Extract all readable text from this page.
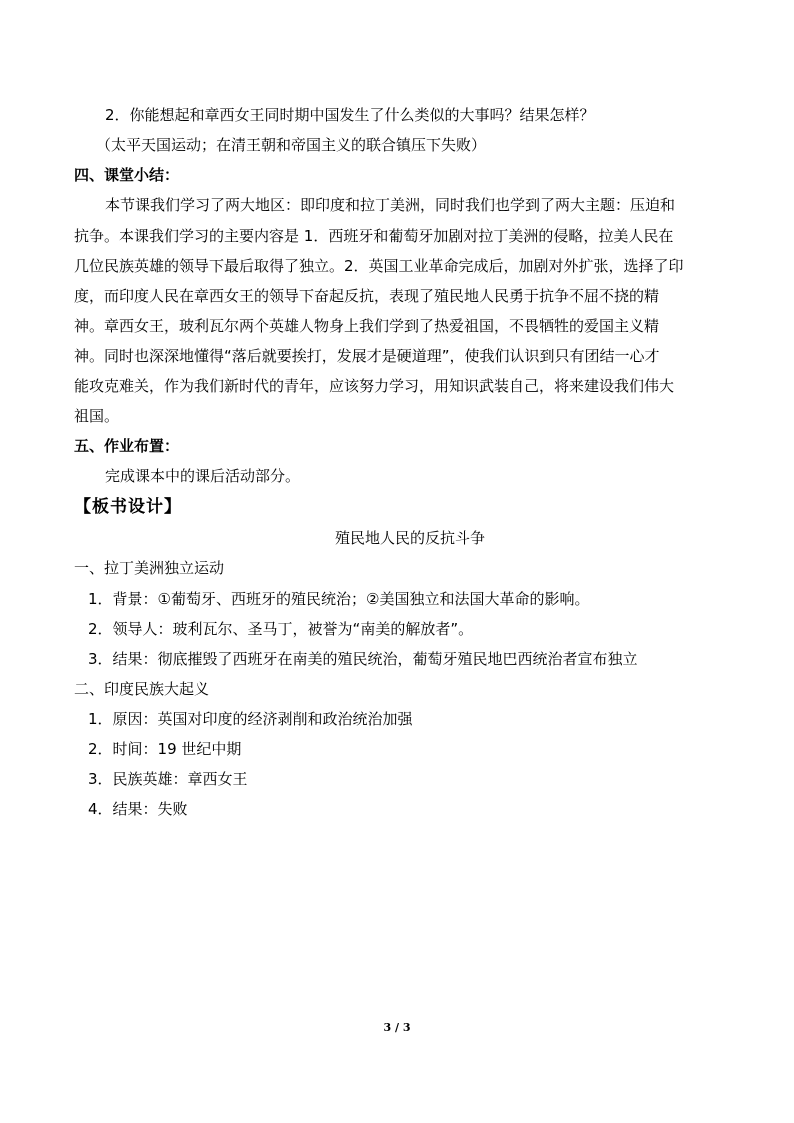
2．你能想起和章西女王同时期中国发生了什么类似的大事吗？结果怎样？
（太平天国运动；在清王朝和帝国主义的联合镇压下失败）
四、课堂小结：
本节课我们学习了两大地区：即印度和拉丁美洲，同时我们也学到了两大主题：压迫和
抗争。本课我们学习的主要内容是 1．西班牙和葡萄牙加剧对拉丁美洲的侵略，拉美人民在
几位民族英雄的领导下最后取得了独立。2．英国工业革命完成后，加剧对外扩张，选择了印
度，而印度人民在章西女王的领导下奋起反抗，表现了殖民地人民勇于抗争不屈不挠的精
神。章西女王，玻利瓦尔两个英雄人物身上我们学到了热爱祖国，不畏牺牲的爱国主义精
神。同时也深深地懂得“落后就要挨打，发展才是硬道理”，使我们认识到只有团结一心才
能攻克难关，作为我们新时代的青年，应该努力学习，用知识武装自己，将来建设我们伟大
祖国。
五、作业布置：
完成课本中的课后活动部分。
【板书设计】
殖民地人民的反抗斗争
一、拉丁美洲独立运动
1．背景：①葡萄牙、西班牙的殖民统治；②美国独立和法国大革命的影响。
2．领导人：玻利瓦尔、圣马丁，被誉为“南美的解放者”。
3．结果：彻底摧毁了西班牙在南美的殖民统治，葡萄牙殖民地巴西统治者宣布独立
二、印度民族大起义
1．原因：英国对印度的经济剥削和政治统治加强
2．时间：19 世纪中期
3．民族英雄：章西女王
4．结果：失败
3 / 3
